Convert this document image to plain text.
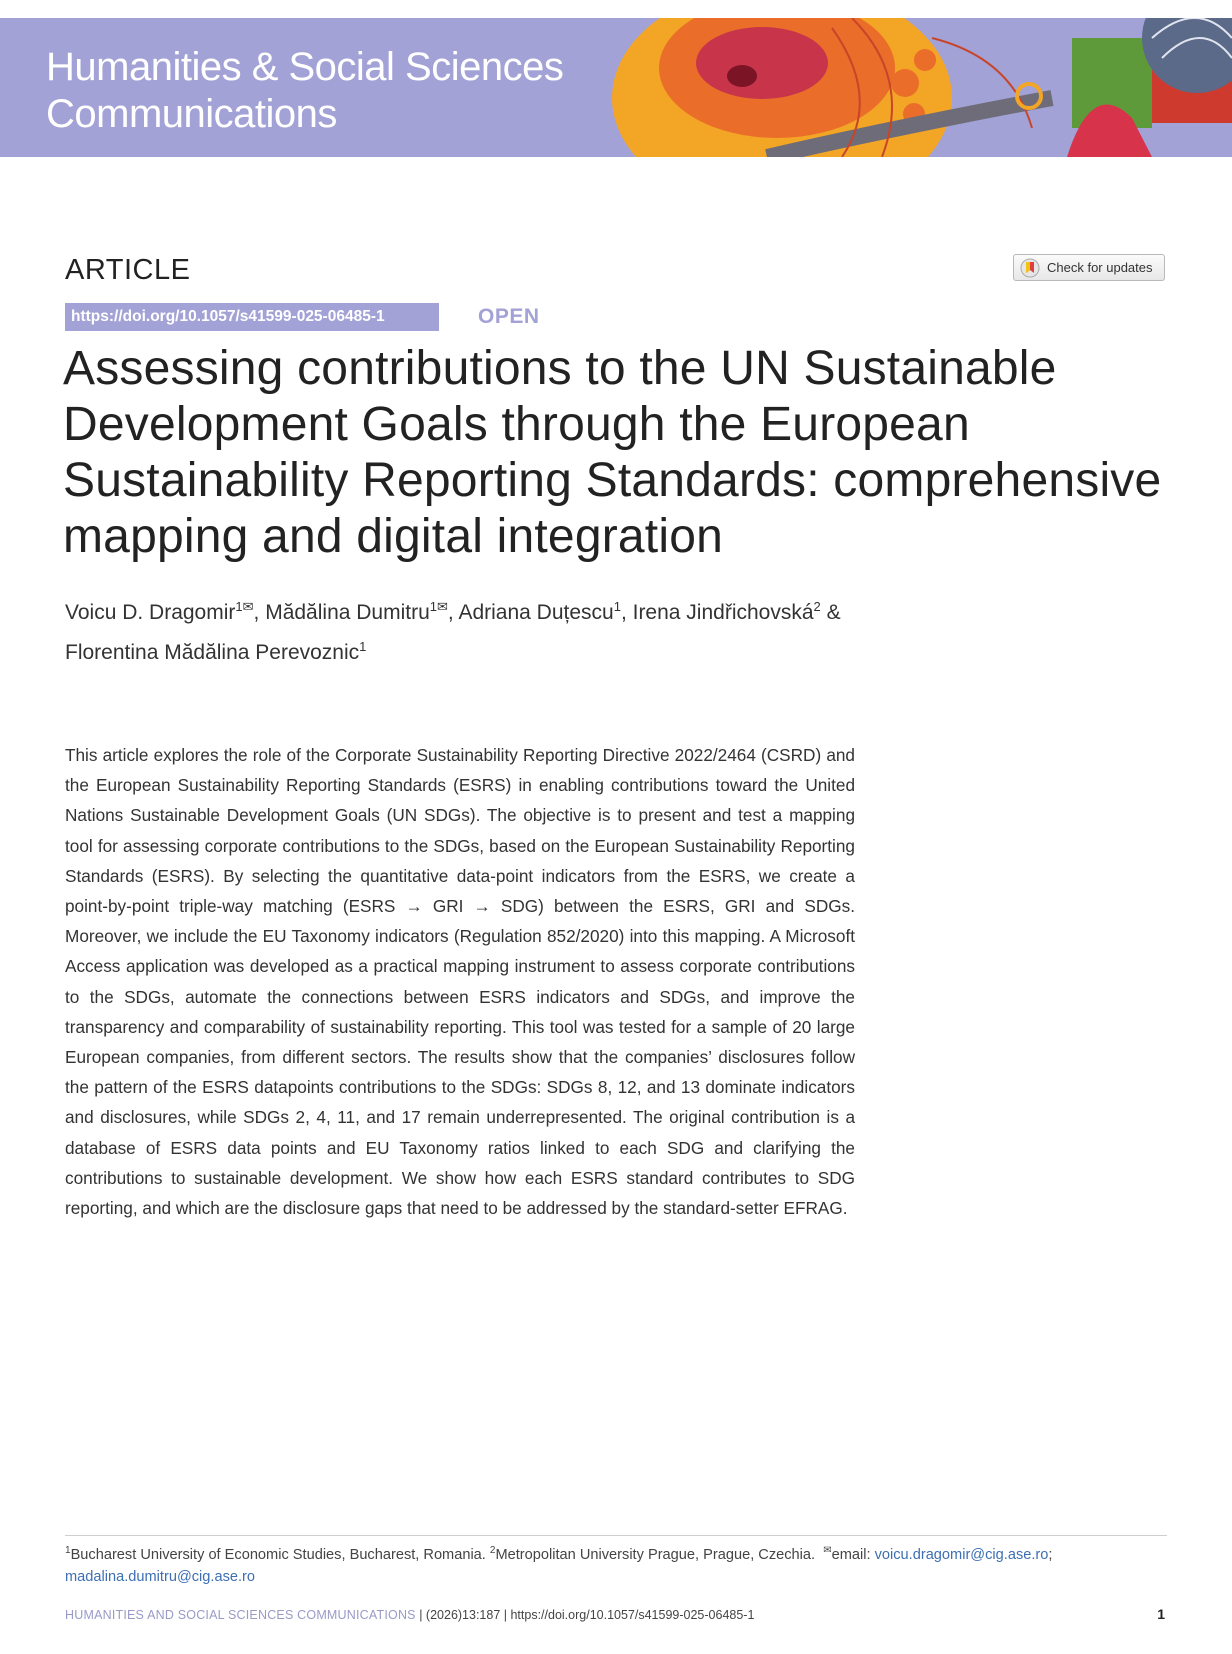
Humanities & Social Sciences
Communications
ARTICLE	Check for updates
https://doi.org/10.1057/s41599-025-06485-1	OPEN
Assessing contributions to the UN Sustainable
Development Goals through the European
Sustainability Reporting Standards: comprehensive
mapping and digital integration
Voicu D. Dragomir$^{1✉}$, Mădălina Dumitru$^{1✉}$, Adriana Duțescu$^1$, Irena Jindřichovská$^2$ &
Florentina Mădălina Perevoznic$^1$

This article explores the role of the Corporate Sustainability Reporting Directive 2022/2464 (CSRD) and the European Sustainability Reporting Standards (ESRS) in enabling contributions toward the United Nations Sustainable Development Goals (UN SDGs). The objective is to present and test a mapping tool for assessing corporate contributions to the SDGs, based on the European Sustainability Reporting Standards (ESRS). By selecting the quantitative data-point indicators from the ESRS, we create a point-by-point triple-way matching (ESRS → GRI → SDG) between the ESRS, GRI and SDGs. Moreover, we include the EU Taxonomy indicators (Regulation 852/2020) into this mapping. A Microsoft Access application was developed as a practical mapping instrument to assess corporate contributions to the SDGs, automate the connections between ESRS indicators and SDGs, and improve the transparency and comparability of sustainability reporting. This tool was tested for a sample of 20 large European companies, from different sectors. The results show that the companies’ disclosures follow the pattern of the ESRS datapoints contributions to the SDGs: SDGs 8, 12, and 13 dominate indicators and disclosures, while SDGs 2, 4, 11, and 17 remain underrepresented. The original contribution is a database of ESRS data points and EU Taxonomy ratios linked to each SDG and clarifying the contributions to sustainable development. We show how each ESRS standard contributes to SDG reporting, and which are the disclosure gaps that need to be addressed by the standard-setter EFRAG.

$^1$Bucharest University of Economic Studies, Bucharest, Romania. $^2$Metropolitan University Prague, Prague, Czechia. ✉email: voicu.dragomir@cig.ase.ro;
madalina.dumitru@cig.ase.ro
HUMANITIES AND SOCIAL SCIENCES COMMUNICATIONS | (2026)13:187 | https://doi.org/10.1057/s41599-025-06485-1	1
